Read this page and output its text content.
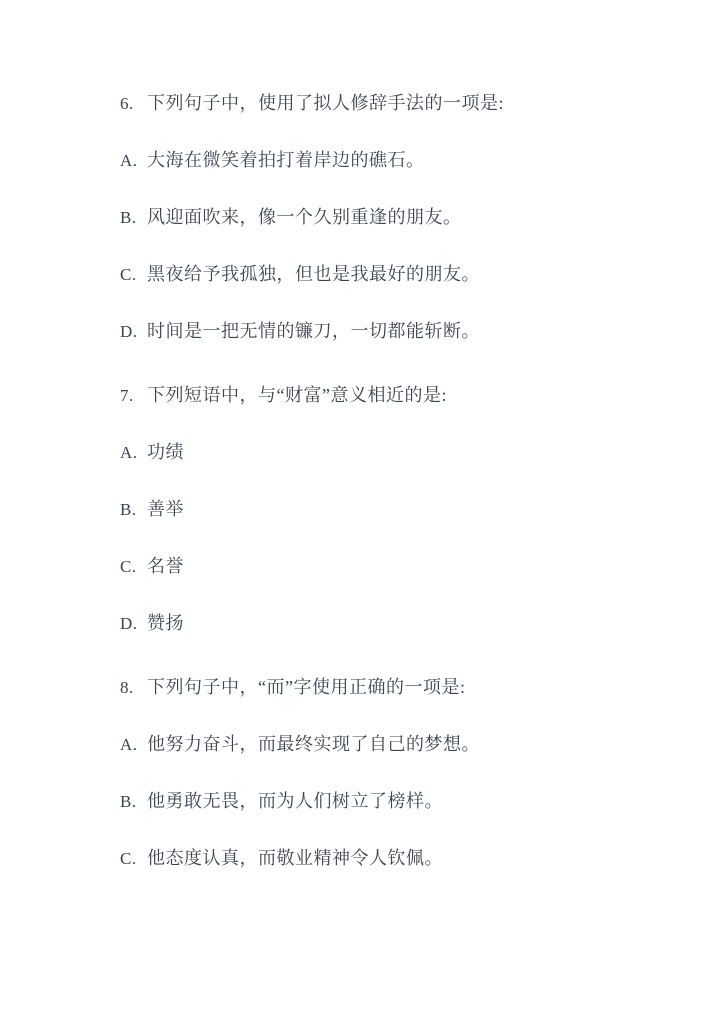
6. 下列句子中，使用了拟人修辞手法的一项是:
A. 大海在微笑着拍打着岸边的礁石。
B. 风迎面吹来，像一个久别重逢的朋友。
C. 黑夜给予我孤独，但也是我最好的朋友。
D. 时间是一把无情的镰刀，一切都能斩断。
7. 下列短语中，与“财富”意义相近的是:
A. 功绩
B. 善举
C. 名誉
D. 赞扬
8. 下列句子中，“而”字使用正确的一项是:
A. 他努力奋斗，而最终实现了自己的梦想。
B. 他勇敢无畏，而为人们树立了榜样。
C. 他态度认真，而敬业精神令人钦佩。
